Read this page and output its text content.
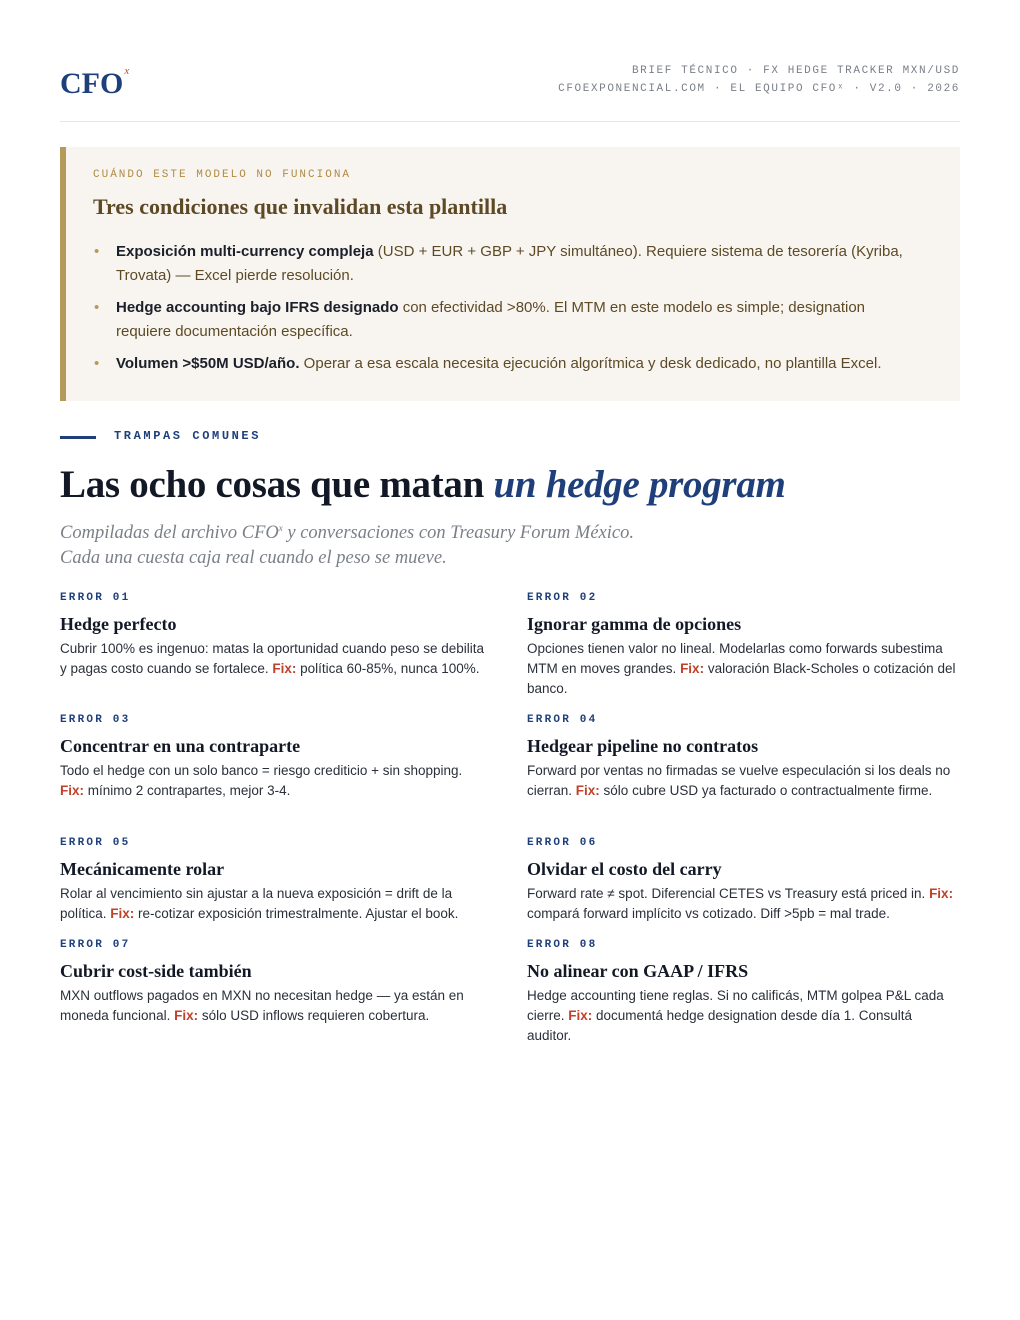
CFO$^x$	BRIEF TÉCNICO · FX HEDGE TRACKER MXN/USD
CFOEXPONENCIAL.COM · EL EQUIPO CFOˣ · V2.0 · 2026
CUÁNDO ESTE MODELO NO FUNCIONA
Tres condiciones que invalidan esta plantilla
• Exposición multi-currency compleja (USD + EUR + GBP + JPY simultáneo). Requiere sistema de tesorería (Kyriba, Trovata) — Excel pierde resolución.
• Hedge accounting bajo IFRS designado con efectividad >80%. El MTM en este modelo es simple; designation requiere documentación específica.
• Volumen >$50M USD/año. Operar a esa escala necesita ejecución algorítmica y desk dedicado, no plantilla Excel.
TRAMPAS COMUNES
Las ocho cosas que matan un hedge program
Compiladas del archivo CFO$^x$ y conversaciones con Treasury Forum México.
Cada una cuesta caja real cuando el peso se mueve.
ERROR 01
Hedge perfecto
Cubrir 100% es ingenuo: matas la oportunidad cuando peso se debilita y pagas costo cuando se fortalece. Fix: política 60-85%, nunca 100%.
ERROR 02
Ignorar gamma de opciones
Opciones tienen valor no lineal. Modelarlas como forwards subestima MTM en moves grandes. Fix: valoración Black-Scholes o cotización del banco.
ERROR 03
Concentrar en una contraparte
Todo el hedge con un solo banco = riesgo crediticio + sin shopping. Fix: mínimo 2 contrapartes, mejor 3-4.
ERROR 04
Hedgear pipeline no contratos
Forward por ventas no firmadas se vuelve especulación si los deals no cierran. Fix: sólo cubre USD ya facturado o contractualmente firme.
ERROR 05
Mecánicamente rolar
Rolar al vencimiento sin ajustar a la nueva exposición = drift de la política. Fix: re-cotizar exposición trimestralmente. Ajustar el book.
ERROR 06
Olvidar el costo del carry
Forward rate ≠ spot. Diferencial CETES vs Treasury está priced in. Fix: compará forward implícito vs cotizado. Diff >5pb = mal trade.
ERROR 07
Cubrir cost-side también
MXN outflows pagados en MXN no necesitan hedge — ya están en moneda funcional. Fix: sólo USD inflows requieren cobertura.
ERROR 08
No alinear con GAAP / IFRS
Hedge accounting tiene reglas. Si no calificás, MTM golpea P&L cada cierre. Fix: documentá hedge designation desde día 1. Consultá auditor.
